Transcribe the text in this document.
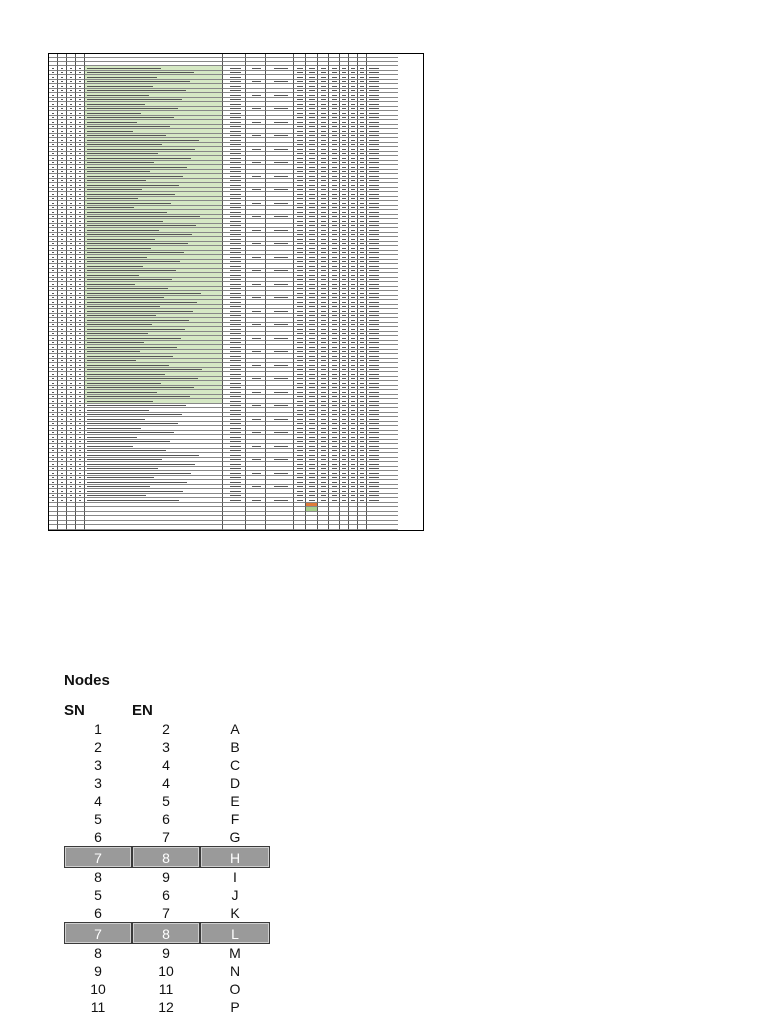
Nodes
SN	EN
1	2	A
2	3	B
3	4	C
3	4	D
4	5	E
5	6	F
6	7	G
7	8	H
8	9	I
5	6	J
6	7	K
7	8	L
8	9	M
9	10	N
10	11	O
11	12	P
